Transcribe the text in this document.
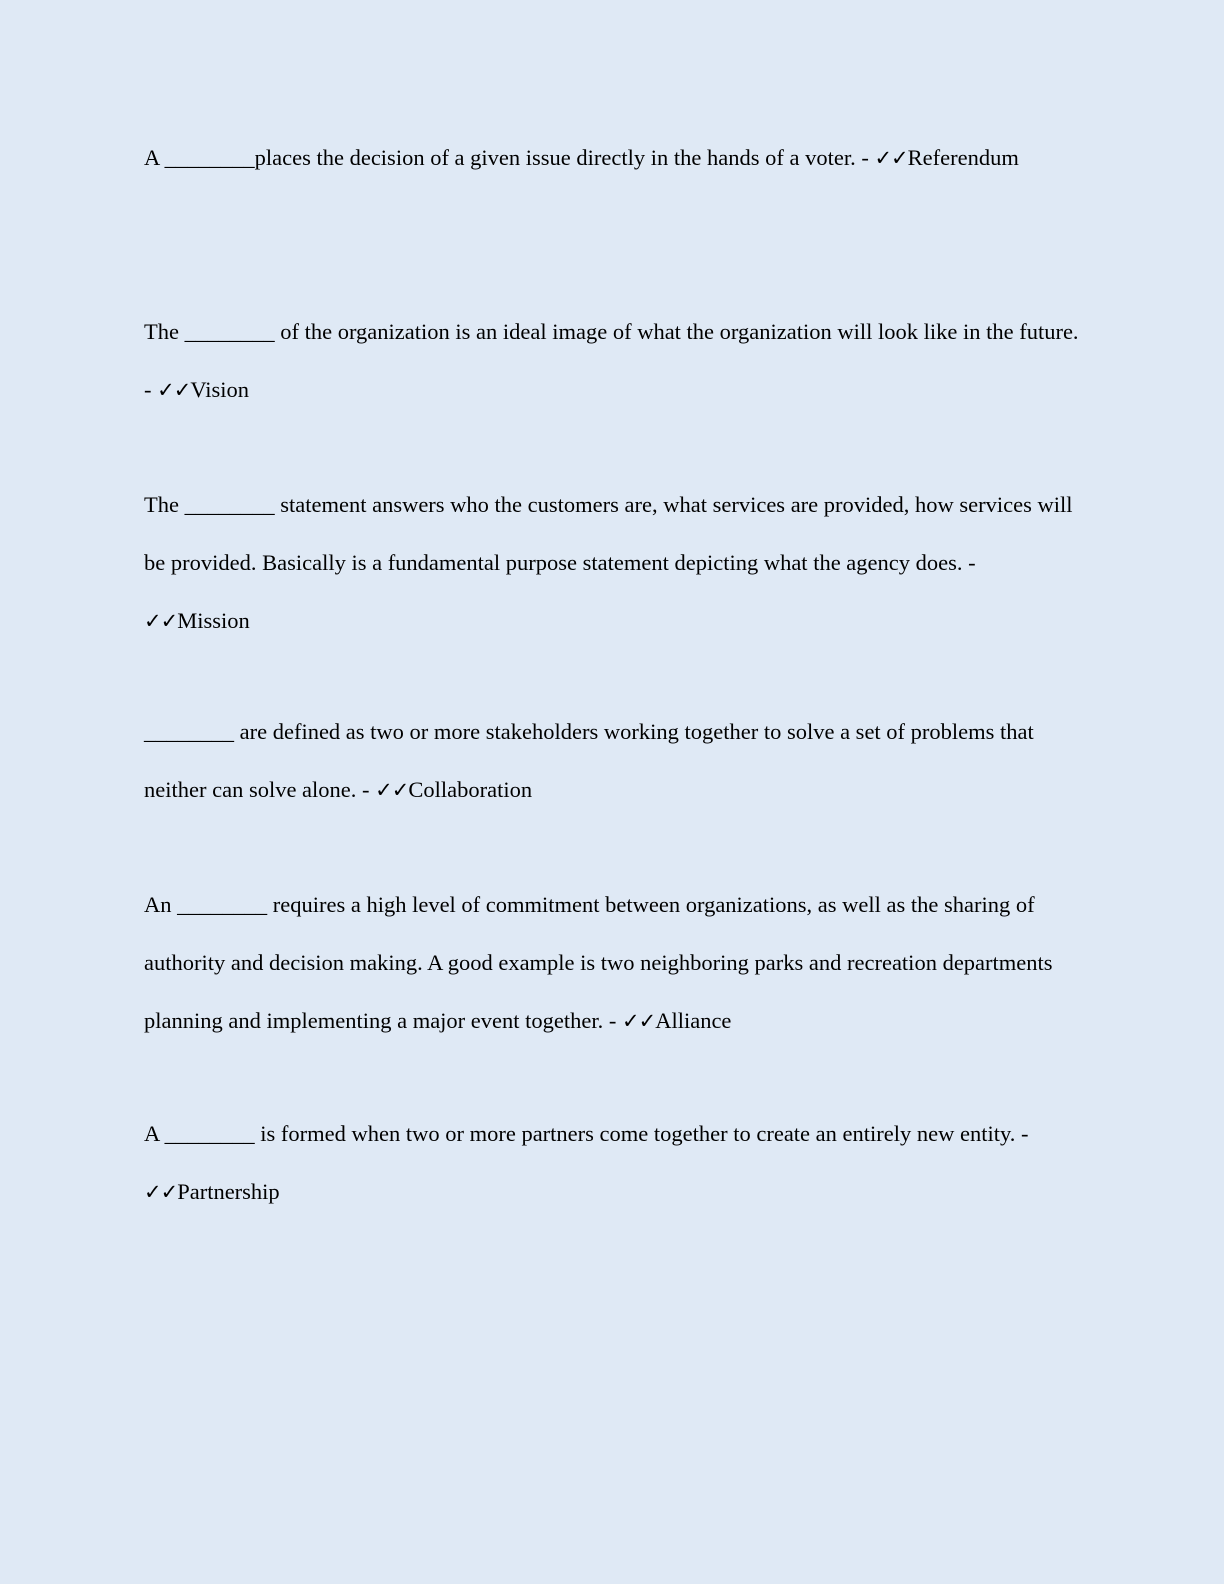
A ________places the decision of a given issue directly in the hands of a voter. - ✓✓Referendum

The ________ of the organization is an ideal image of what the organization will look like in the future. - ✓✓Vision

The ________ statement answers who the customers are, what services are provided, how services will be provided. Basically is a fundamental purpose statement depicting what the agency does. - ✓✓Mission

________ are defined as two or more stakeholders working together to solve a set of problems that neither can solve alone. - ✓✓Collaboration

An ________ requires a high level of commitment between organizations, as well as the sharing of authority and decision making. A good example is two neighboring parks and recreation departments planning and implementing a major event together. - ✓✓Alliance

A ________ is formed when two or more partners come together to create an entirely new entity. - ✓✓Partnership
